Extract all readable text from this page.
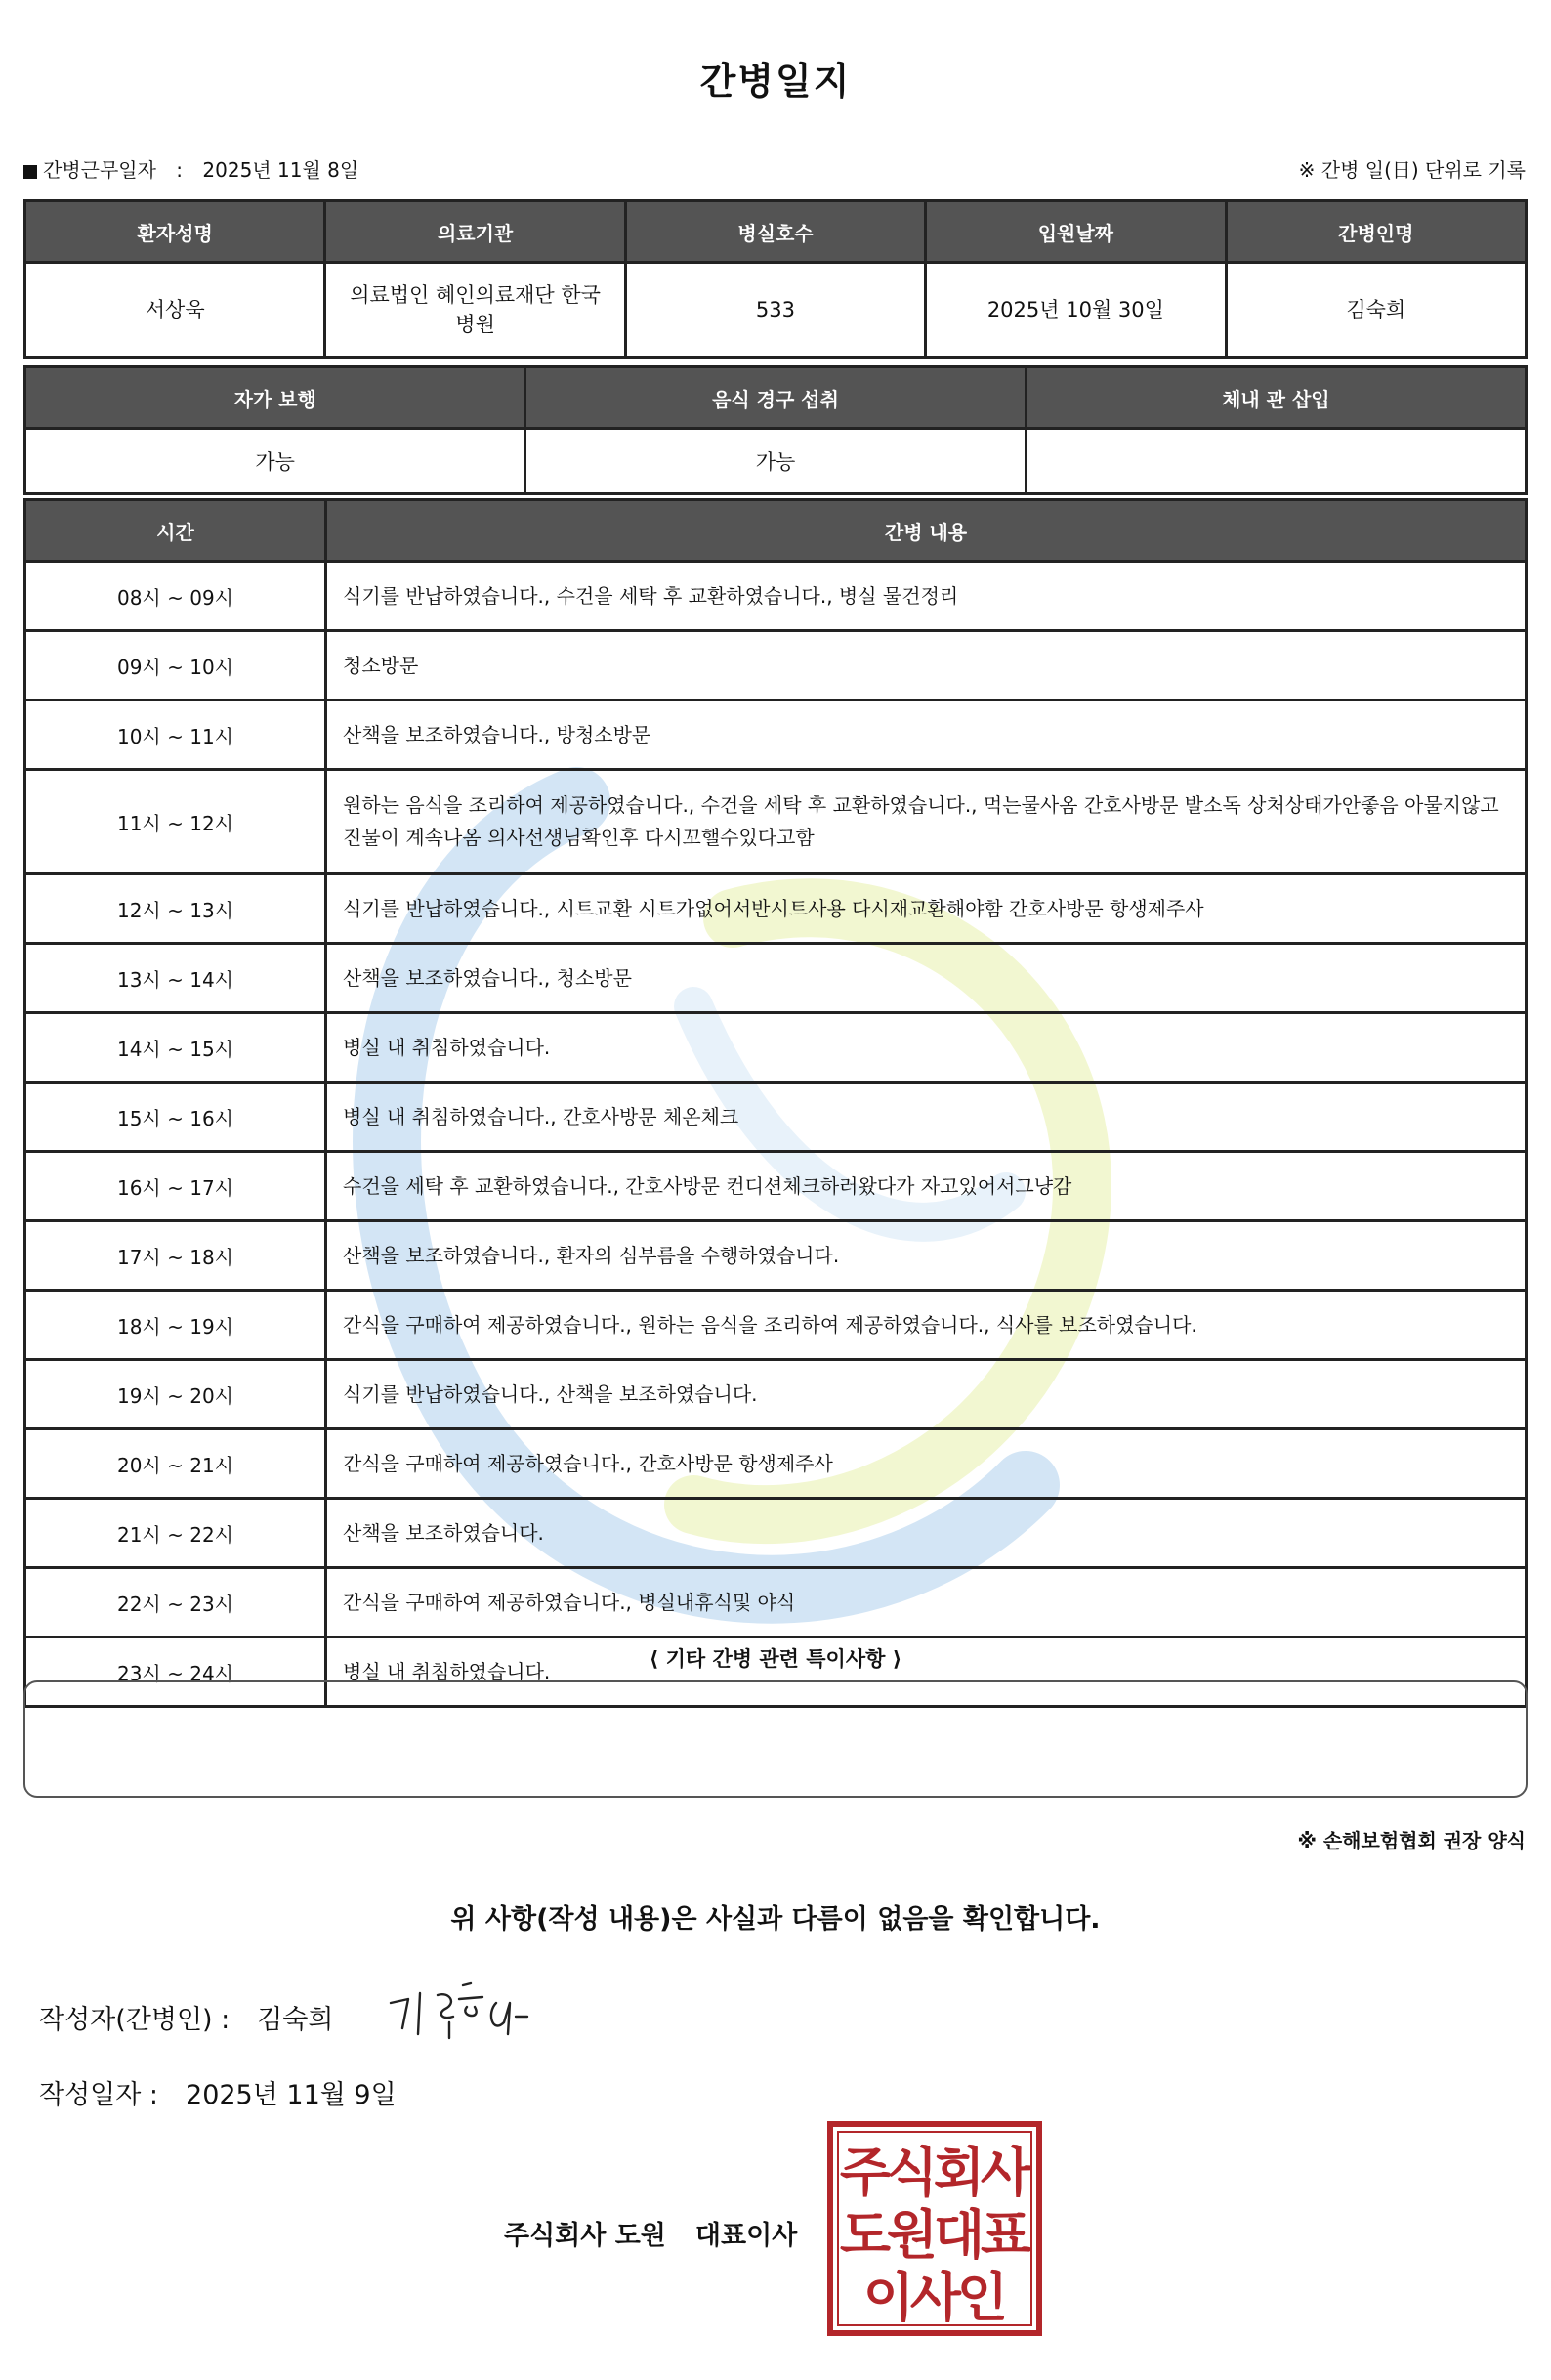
간병일지
간병근무일자 : 2025년 11월 8일	※ 간병 일(日) 단위로 기록
환자성명	의료기관	병실호수	입원날짜	간병인명
서상욱	의료법인 혜인의료재단 한국병원	533	2025년 10월 30일	김숙희
자가 보행	음식 경구 섭취	체내 관 삽입
가능	가능	
시간	간병 내용
08시 ~ 09시	식기를 반납하였습니다., 수건을 세탁 후 교환하였습니다., 병실 물건정리
09시 ~ 10시	청소방문
10시 ~ 11시	산책을 보조하였습니다., 방청소방문
11시 ~ 12시	원하는 음식을 조리하여 제공하였습니다., 수건을 세탁 후 교환하였습니다., 먹는물사옴 간호사방문 발소독 상처상태가안좋음 아물지않고 진물이 계속나옴 의사선생님확인후 다시꼬핼수있다고함
12시 ~ 13시	식기를 반납하였습니다., 시트교환 시트가없어서반시트사용 다시재교환해야함 간호사방문 항생제주사
13시 ~ 14시	산책을 보조하였습니다., 청소방문
14시 ~ 15시	병실 내 취침하였습니다.
15시 ~ 16시	병실 내 취침하였습니다., 간호사방문 체온체크
16시 ~ 17시	수건을 세탁 후 교환하였습니다., 간호사방문 컨디션체크하러왔다가 자고있어서그냥감
17시 ~ 18시	산책을 보조하였습니다., 환자의 심부름을 수행하였습니다.
18시 ~ 19시	간식을 구매하여 제공하였습니다., 원하는 음식을 조리하여 제공하였습니다., 식사를 보조하였습니다.
19시 ~ 20시	식기를 반납하였습니다., 산책을 보조하였습니다.
20시 ~ 21시	간식을 구매하여 제공하였습니다., 간호사방문 항생제주사
21시 ~ 22시	산책을 보조하였습니다.
22시 ~ 23시	간식을 구매하여 제공하였습니다., 병실내휴식및 야식
23시 ~ 24시	병실 내 취침하였습니다.
⟨ 기타 간병 관련 특이사항 ⟩
※ 손해보험협회 권장 양식
위 사항(작성 내용)은 사실과 다름이 없음을 확인합니다.
작성자(간병인) : 김숙희
작성일자 : 2025년 11월 9일
주식회사 도원 대표이사
주
식
회
사
도
원
대
표
이
사
인
